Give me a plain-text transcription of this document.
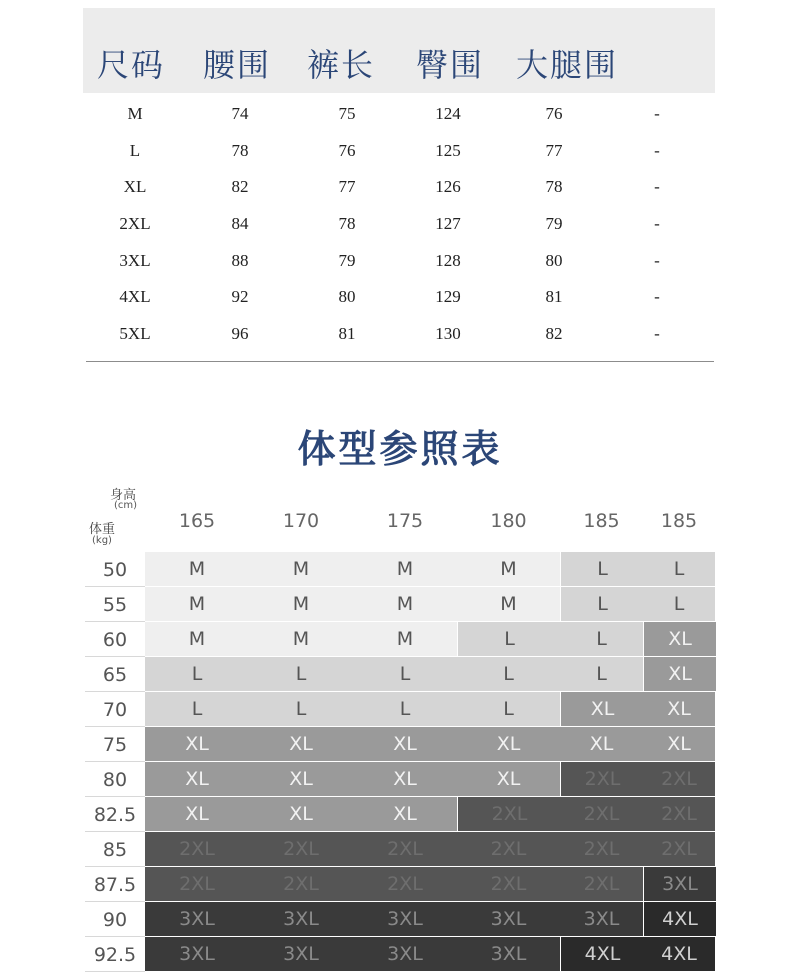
尺码 腰围 裤长 臀围 大腿围
M	74	75	124	76	-
L	78	76	125	77	-
XL	82	77	126	78	-
2XL	84	78	127	79	-
3XL	88	79	128	80	-
4XL	92	80	129	81	-
5XL	96	81	130	82	-
体型参照表
身高
(cm)
体重
(kg)
165	170	175	180	185 185
50	M	M	M	M	L	L
55	M	M	M	M	L	L
60	M	M	M	L	L	XL
65	L	L	L	L	L	XL
70	L	L	L	L	XL	XL
75	XL	XL	XL	XL	XL	XL
80	XL	XL	XL	XL	2XL	2XL
82.5	XL	XL	XL	2XL	2XL	2XL
85	2XL	2XL	2XL	2XL	2XL	2XL
87.5	2XL	2XL	2XL	2XL	2XL	3XL
90	3XL	3XL	3XL	3XL	3XL	4XL
92.5	3XL	3XL	3XL	3XL	4XL	4XL
